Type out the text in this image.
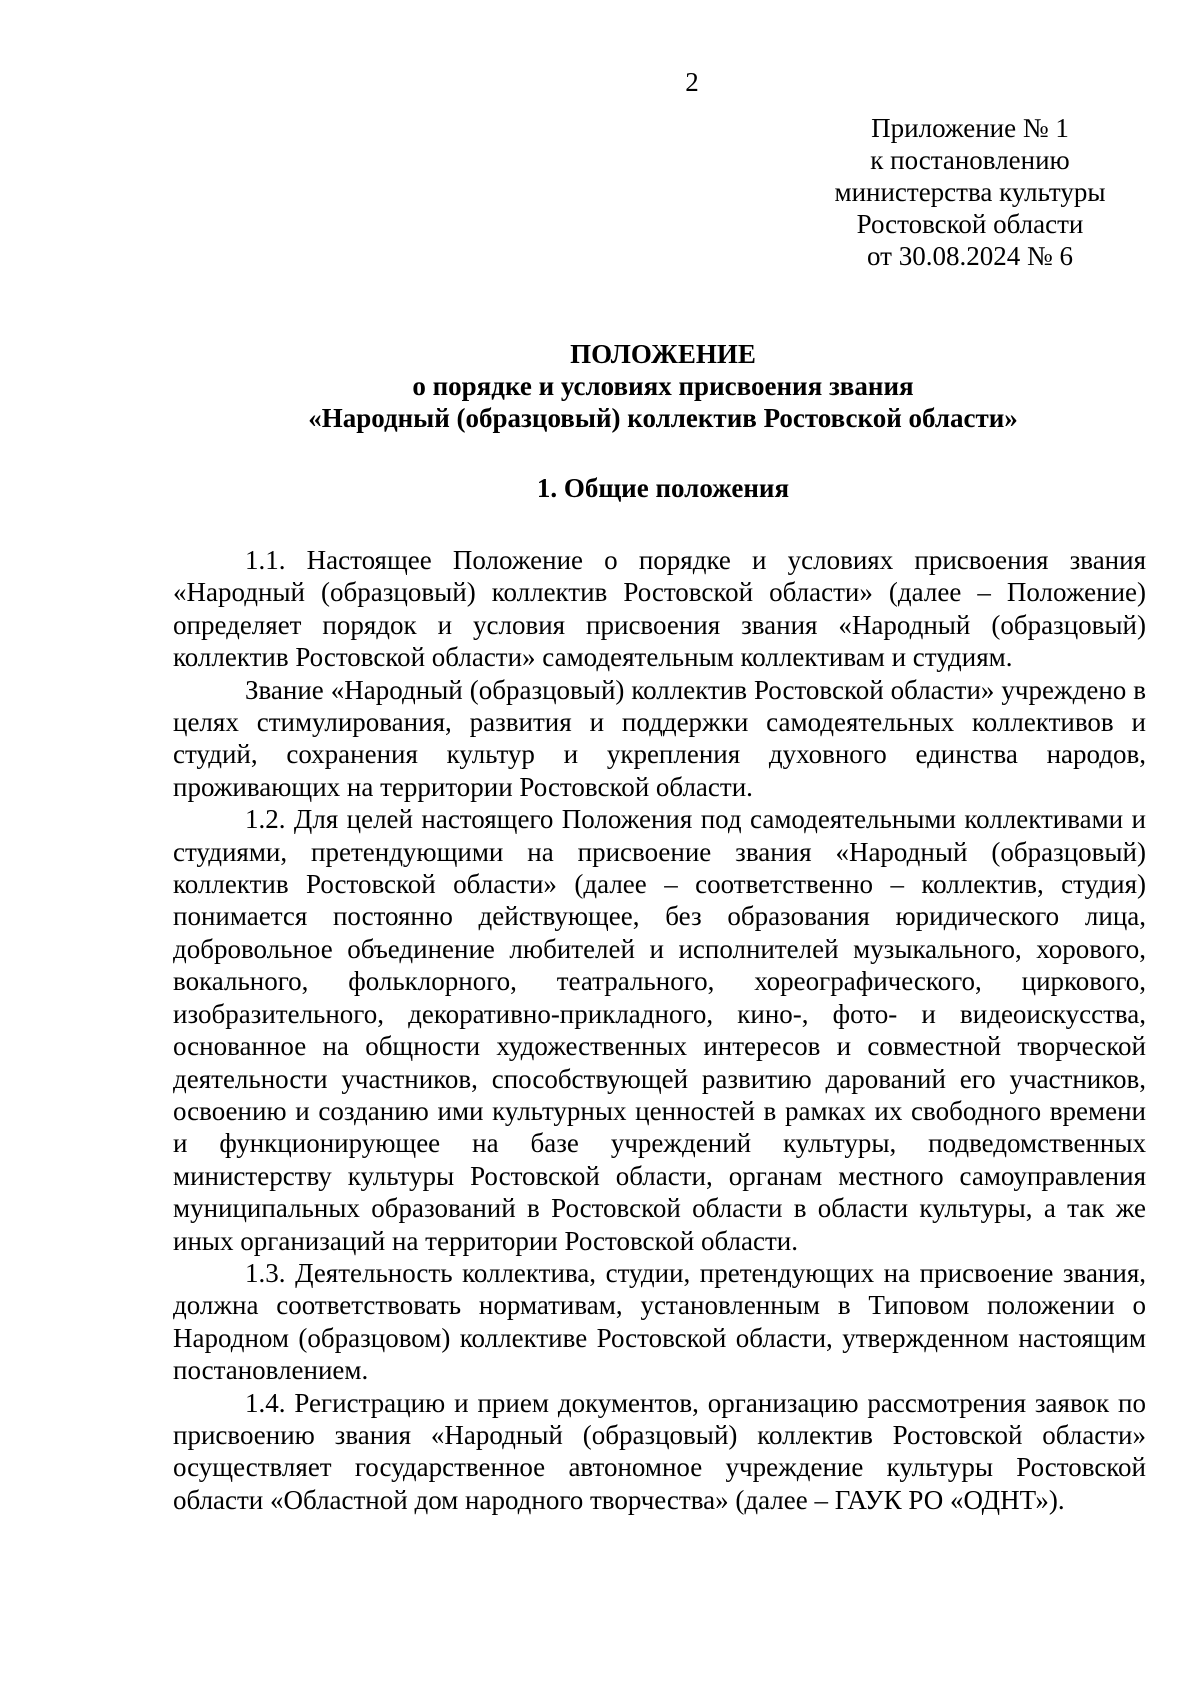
2
Приложение № 1
к постановлению
министерства культуры
Ростовской области
от 30.08.2024 № 6
ПОЛОЖЕНИЕ
о порядке и условиях присвоения звания
«Народный (образцовый) коллектив Ростовской области»
1. Общие положения

1.1. Настоящее Положение о порядке и условиях присвоения звания «Народный (образцовый) коллектив Ростовской области» (далее – Положение) определяет порядок и условия присвоения звания «Народный (образцовый) коллектив Ростовской области» самодеятельным коллективам и студиям.

Звание «Народный (образцовый) коллектив Ростовской области» учреждено в целях стимулирования, развития и поддержки самодеятельных коллективов и студий, сохранения культур и укрепления духовного единства народов, проживающих на территории Ростовской области.

1.2. Для целей настоящего Положения под самодеятельными коллективами и студиями, претендующими на присвоение звания «Народный (образцовый) коллектив Ростовской области» (далее – соответственно – коллектив, студия) понимается постоянно действующее, без образования юридического лица, добровольное объединение любителей и исполнителей музыкального, хорового, вокального, фольклорного, театрального, хореографического, циркового, изобразительного, декоративно-прикладного, кино-, фото- и видеоискусства, основанное на общности художественных интересов и совместной творческой деятельности участников, способствующей развитию дарований его участников, освоению и созданию ими культурных ценностей в рамках их свободного времени и функционирующее на базе учреждений культуры, подведомственных министерству культуры Ростовской области, органам местного самоуправления муниципальных образований в Ростовской области в области культуры, а так же иных организаций на территории Ростовской области.

1.3. Деятельность коллектива, студии, претендующих на присвоение звания, должна соответствовать нормативам, установленным в Типовом положении о Народном (образцовом) коллективе Ростовской области, утвержденном настоящим постановлением.

1.4. Регистрацию и прием документов, организацию рассмотрения заявок по присвоению звания «Народный (образцовый) коллектив Ростовской области» осуществляет государственное автономное учреждение культуры Ростовской области «Областной дом народного творчества» (далее – ГАУК РО «ОДНТ»).
